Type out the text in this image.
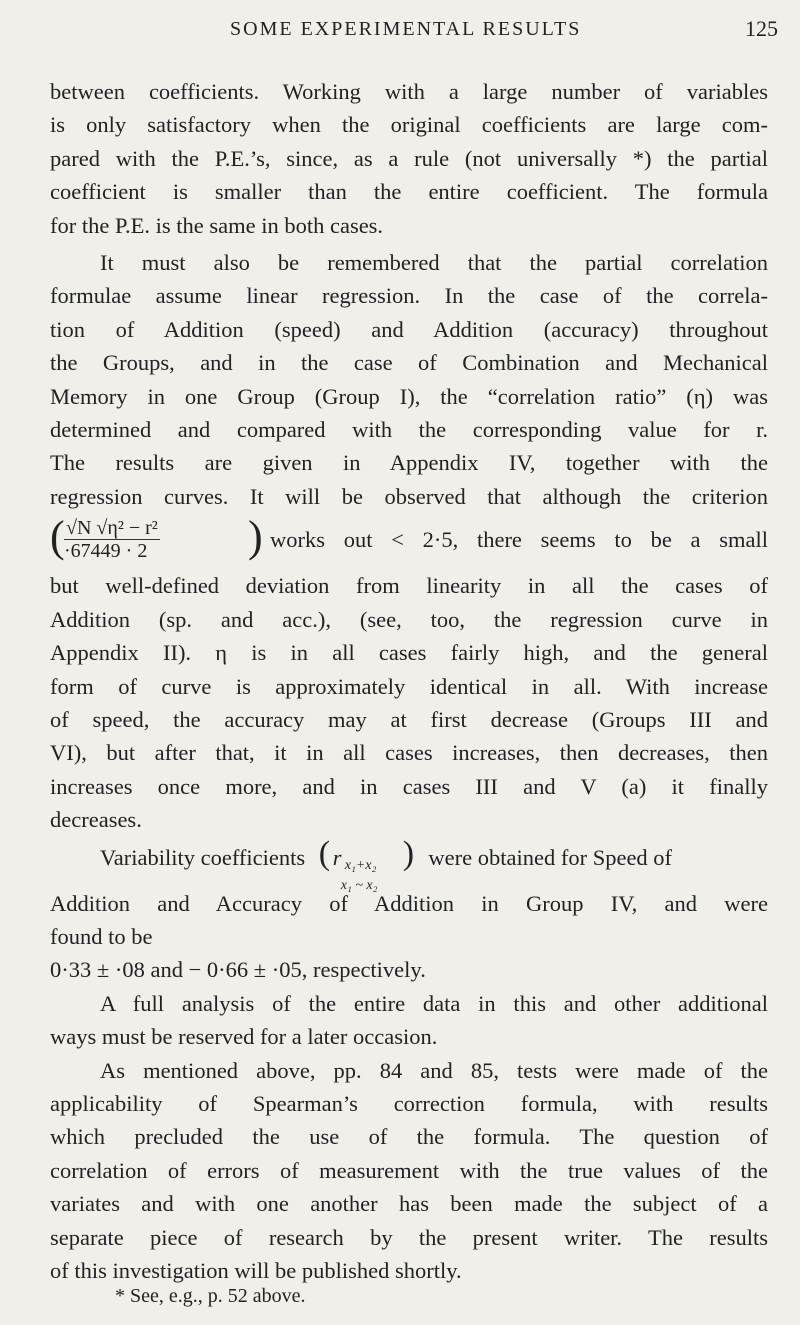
SOME EXPERIMENTAL RESULTS	125

between coefficients. Working with a large number of variables
is only satisfactory when the original coefficients are large com-
pared with the P.E.’s, since, as a rule (not universally *) the partial
coefficient is smaller than the entire coefficient. The formula
for the P.E. is the same in both cases.

It must also be remembered that the partial correlation
formulae assume linear regression. In the case of the correla-
tion of Addition (speed) and Addition (accuracy) throughout
the Groups, and in the case of Combination and Mechanical
Memory in one Group (Group I), the “correlation ratio” (η) was
determined and compared with the corresponding value for r.
The results are given in Appendix IV, together with the
regression curves. It will be observed that although the criterion
( $\frac{\text{√N √η² − r²}}{\cdot 67449 \cdot 2}$ ) works out < 2·5, there seems to be a small
but well-defined deviation from linearity in all the cases of
Addition (sp. and acc.), (see, too, the regression curve in
Appendix II). η is in all cases fairly high, and the general
form of curve is approximately identical in all. With increase
of speed, the accuracy may at first decrease (Groups III and
VI), but after that, it in all cases increases, then decreases, then
increases once more, and in cases III and V (a) it finally
decreases.

Variability coefficients ( r x₁+x₂
x₁ ~ x₂
) were obtained for Speed of
Addition and Accuracy of Addition in Group IV, and were
found to be
0·33 ± ·08 and − 0·66 ± ·05, respectively.

A full analysis of the entire data in this and other additional
ways must be reserved for a later occasion.

As mentioned above, pp. 84 and 85, tests were made of the
applicability of Spearman’s correction formula, with results
which precluded the use of the formula. The question of
correlation of errors of measurement with the true values of the
variates and with one another has been made the subject of a
separate piece of research by the present writer. The results
of this investigation will be published shortly.

* See, e.g., p. 52 above.
